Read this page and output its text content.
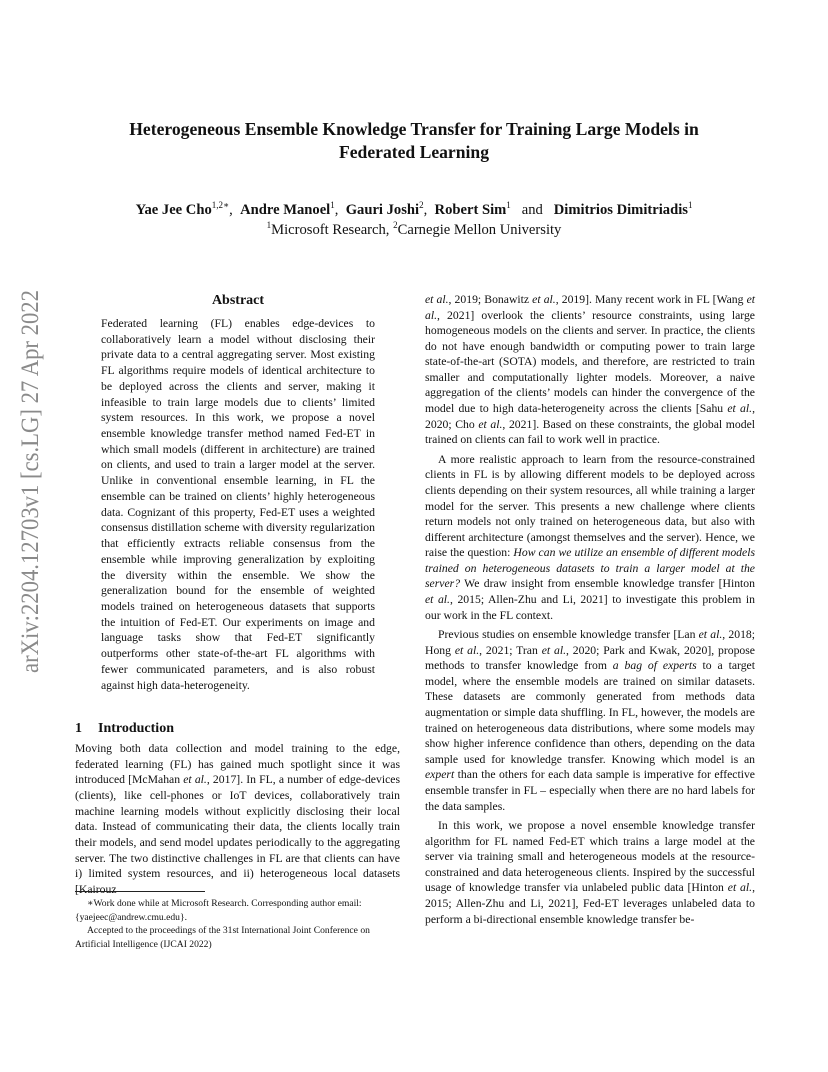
Heterogeneous Ensemble Knowledge Transfer for Training Large Models in
Federated Learning
Yae Jee Cho$^{1,2∗}$, Andre Manoel$^1$, Gauri Joshi$^2$, Robert Sim$^1$ and Dimitrios Dimitriadis$^1$
$^1$Microsoft Research, $^2$Carnegie Mellon University
arXiv:2204.12703v1 [cs.LG] 27 Apr 2022	Abstract
Federated learning (FL) enables edge-devices to collaboratively learn a model without disclosing their private data to a central aggregating server. Most existing FL algorithms require models of identical architecture to be deployed across the clients and server, making it infeasible to train large models due to clients’ limited system resources. In this work, we propose a novel ensemble knowledge transfer method named Fed-ET in which small models (different in architecture) are trained on clients, and used to train a larger model at the server. Unlike in conventional ensemble learning, in FL the ensemble can be trained on clients’ highly heterogeneous data. Cognizant of this property, Fed-ET uses a weighted consensus distillation scheme with diversity regularization that efficiently extracts reliable consensus from the ensemble while improving generalization by exploiting the diversity within the ensemble. We show the generalization bound for the ensemble of weighted models trained on heterogeneous datasets that supports the intuition of Fed-ET. Our experiments on image and language tasks show that Fed-ET significantly outperforms other state-of-the-art FL algorithms with fewer communicated parameters, and is also robust against high data-heterogeneity.
1 Introduction

Moving both data collection and model training to the edge, federated learning (FL) has gained much spotlight since it was introduced [McMahan et al., 2017]. In FL, a number of edge-devices (clients), like cell-phones or IoT devices, collaboratively train machine learning models without explicitly disclosing their local data. Instead of communicating their data, the clients locally train their models, and send model updates periodically to the aggregating server. The two distinctive challenges in FL are that clients can have i) limited system resources, and ii) heterogeneous local datasets [Kairouz

∗Work done while at Microsoft Research. Corresponding author email: {yaejeec@andrew.cmu.edu}.

Accepted to the proceedings of the 31st International Joint Conference on Artificial Intelligence (IJCAI 2022)

et al., 2019; Bonawitz et al., 2019]. Many recent work in FL [Wang et al., 2021] overlook the clients’ resource constraints, using large homogeneous models on the clients and server. In practice, the clients do not have enough bandwidth or computing power to train large state-of-the-art (SOTA) models, and therefore, are restricted to train smaller and computationally lighter models. Moreover, a naive aggregation of the clients’ models can hinder the convergence of the model due to high data-heterogeneity across the clients [Sahu et al., 2020; Cho et al., 2021]. Based on these constraints, the global model trained on clients can fail to work well in practice.

A more realistic approach to learn from the resource-constrained clients in FL is by allowing different models to be deployed across clients depending on their system resources, all while training a larger model for the server. This presents a new challenge where clients return models not only trained on heterogeneous data, but also with different architecture (amongst themselves and the server). Hence, we raise the question: How can we utilize an ensemble of different models trained on heterogeneous datasets to train a larger model at the server? We draw insight from ensemble knowledge transfer [Hinton et al., 2015; Allen-Zhu and Li, 2021] to investigate this problem in our work in the FL context.

Previous studies on ensemble knowledge transfer [Lan et al., 2018; Hong et al., 2021; Tran et al., 2020; Park and Kwak, 2020], propose methods to transfer knowledge from a bag of experts to a target model, where the ensemble models are trained on similar datasets. These datasets are commonly generated from methods data augmentation or simple data shuffling. In FL, however, the models are trained on heterogeneous data distributions, where some models may show higher inference confidence than others, depending on the data sample used for knowledge transfer. Knowing which model is an expert than the others for each data sample is imperative for effective ensemble transfer in FL – especially when there are no hard labels for the data samples.

In this work, we propose a novel ensemble knowledge transfer algorithm for FL named Fed-ET which trains a large model at the server via training small and heterogeneous models at the resource-constrained and data heterogeneous clients. Inspired by the successful usage of knowledge transfer via unlabeled public data [Hinton et al., 2015; Allen-Zhu and Li, 2021], Fed-ET leverages unlabeled data to perform a bi-directional ensemble knowledge transfer be-
